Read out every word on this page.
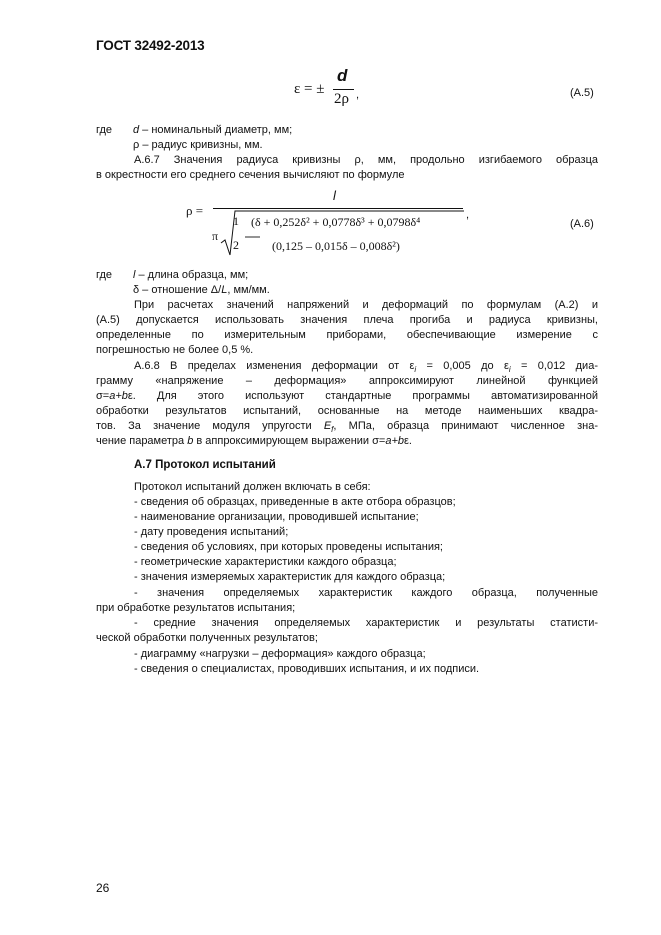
ГОСТ 32492-2013
ε = ±
d
2ρ ,	(A.5)
где d – номинальный диаметр, мм;
ρ – радиус кривизны, мм.
А.6.7 Значения радиуса кривизны ρ, мм, продольно изгибаемого образца
в окрестности его среднего сечения вычисляют по формуле
ρ =
l
π
1
2
(δ + 0,252δ² + 0,0778δ³ + 0,0798δ⁴
(0,125 – 0,015δ – 0,008δ²)
,
(A.6)
где l – длина образца, мм;
δ – отношение Δ/L, мм/мм.
При расчетах значений напряжений и деформаций по формулам (А.2) и
(А.5) допускается использовать значения плеча прогиба и радиуса кривизны,
определенные по измерительным приборами, обеспечивающие измерение с
погрешностью не более 0,5 %.
А.6.8 В пределах изменения деформации от $\varepsilon_i = 0,005$ до $\varepsilon_i = 0,012$ диа-
грамму «напряжение – деформация» аппроксимируют линейной функцией
σ=a+bε. Для этого используют стандартные программы автоматизированной
обработки результатов испытаний, основанные на методе наименьших квадра-
тов. За значение модуля упругости $E_f$, МПа, образца принимают численное зна-
чение параметра b в аппроксимирующем выражении σ=a+bε.
А.7 Протокол испытаний
Протокол испытаний должен включать в себя:
- сведения об образцах, приведенные в акте отбора образцов;
- наименование организации, проводившей испытание;
- дату проведения испытаний;
- сведения об условиях, при которых проведены испытания;
- геометрические характеристики каждого образца;
- значения измеряемых характеристик для каждого образца;
- значения определяемых характеристик каждого образца, полученные
при обработке результатов испытания;
- средние значения определяемых характеристик и результаты статисти-
ческой обработки полученных результатов;
- диаграмму «нагрузки – деформация» каждого образца;
- сведения о специалистах, проводивших испытания, и их подписи.
26
